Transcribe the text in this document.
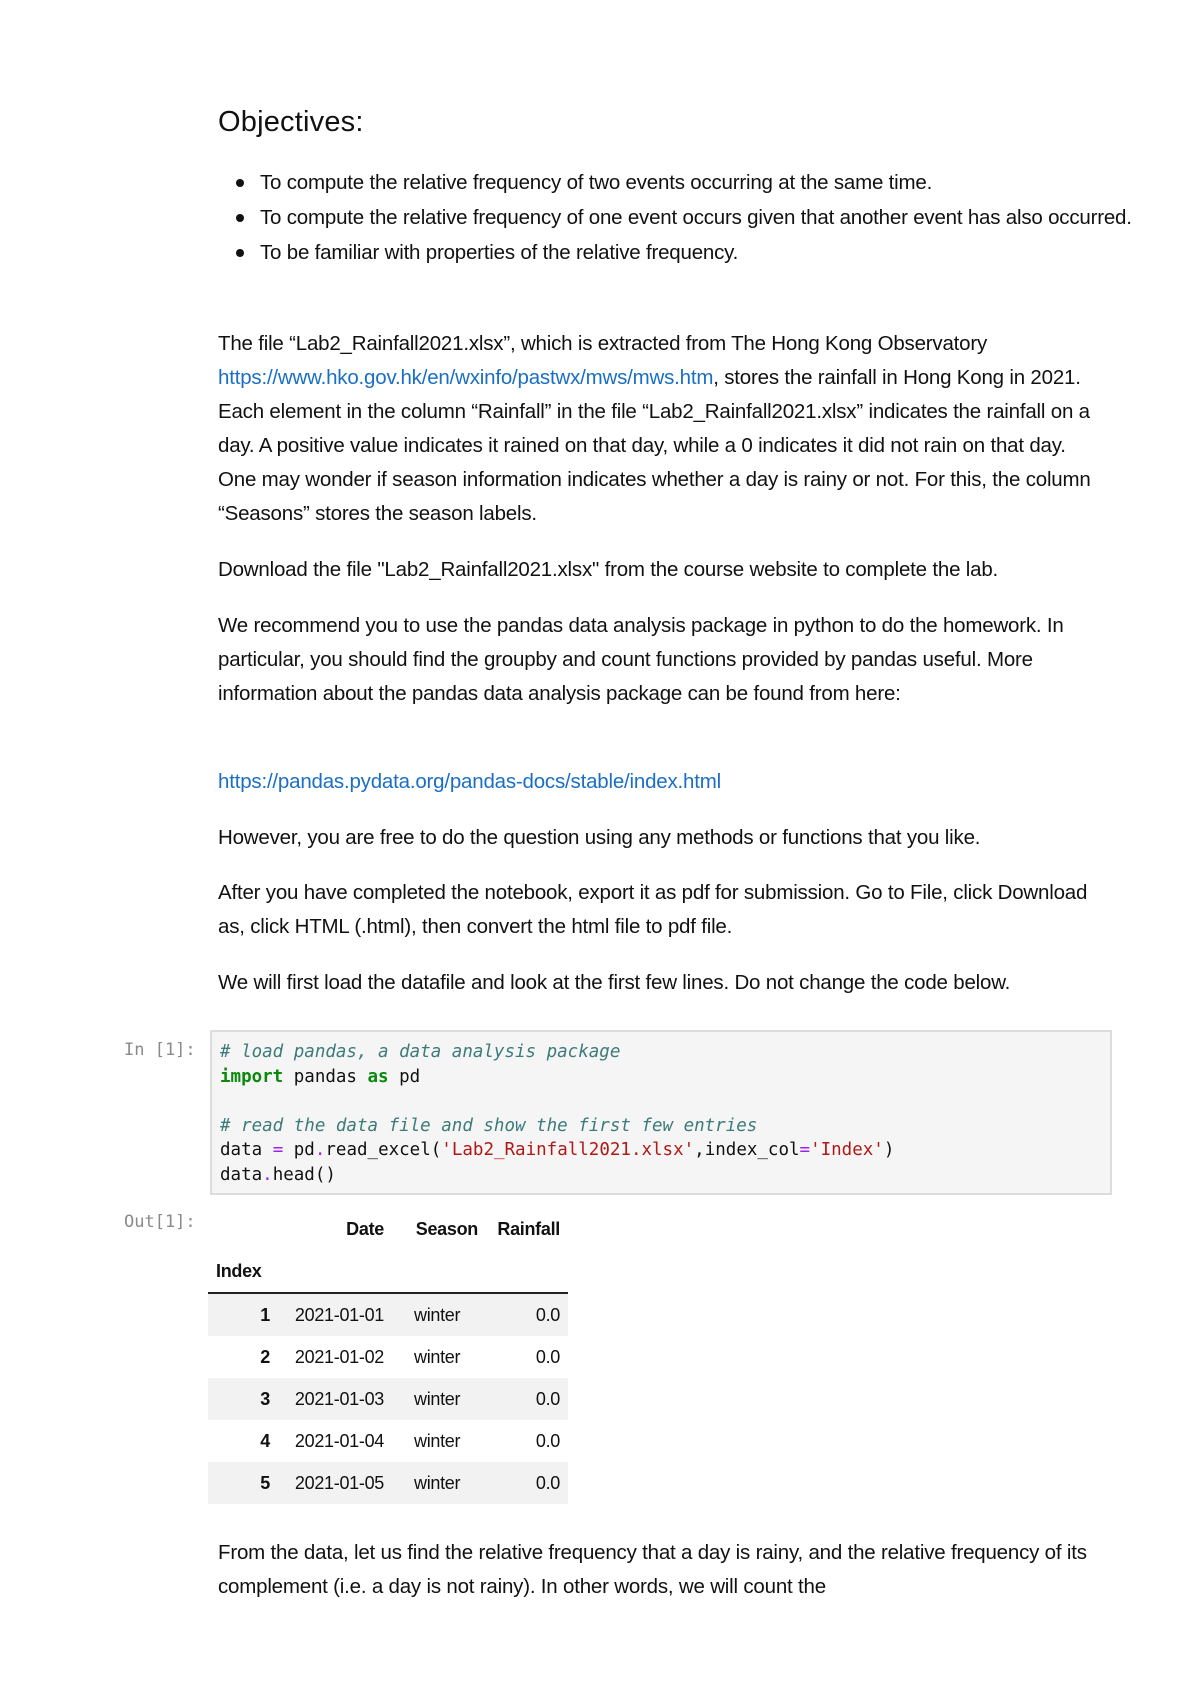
Objectives:
To compute the relative frequency of two events occurring at the same time.
To compute the relative frequency of one event occurs given that another event has also occurred.
To be familiar with properties of the relative frequency.

The file “Lab2_Rainfall2021.xlsx”, which is extracted from The Hong Kong Observatory https://www.hko.gov.hk/en/wxinfo/pastwx/mws/mws.htm, stores the rainfall in Hong Kong in 2021. Each element in the column “Rainfall” in the file “Lab2_Rainfall2021.xlsx” indicates the rainfall on a day. A positive value indicates it rained on that day, while a 0 indicates it did not rain on that day. One may wonder if season information indicates whether a day is rainy or not. For this, the column “Seasons” stores the season labels.

Download the file "Lab2_Rainfall2021.xlsx" from the course website to complete the lab.

We recommend you to use the pandas data analysis package in python to do the homework. In particular, you should find the groupby and count functions provided by pandas useful. More information about the pandas data analysis package can be found from here:

https://pandas.pydata.org/pandas-docs/stable/index.html

However, you are free to do the question using any methods or functions that you like.

After you have completed the notebook, export it as pdf for submission. Go to File, click Download as, click HTML (.html), then convert the html file to pdf file.

We will first load the datafile and look at the first few lines. Do not change the code below.

In [1]: # load pandas, a data analysis package
import pandas as pd

# read the data file and show the first few entries
data = pd.read_excel('Lab2_Rainfall2021.xlsx',index_col='Index')
data.head()
Out[1]:
		Date	Season	Rainfall
Index			
1	2021-01-01	winter	0.0
2	2021-01-02	winter	0.0
3	2021-01-03	winter	0.0
4	2021-01-04	winter	0.0
5	2021-01-05	winter	0.0

From the data, let us find the relative frequency that a day is rainy, and the relative frequency of its complement (i.e. a day is not rainy). In other words, we will count the
